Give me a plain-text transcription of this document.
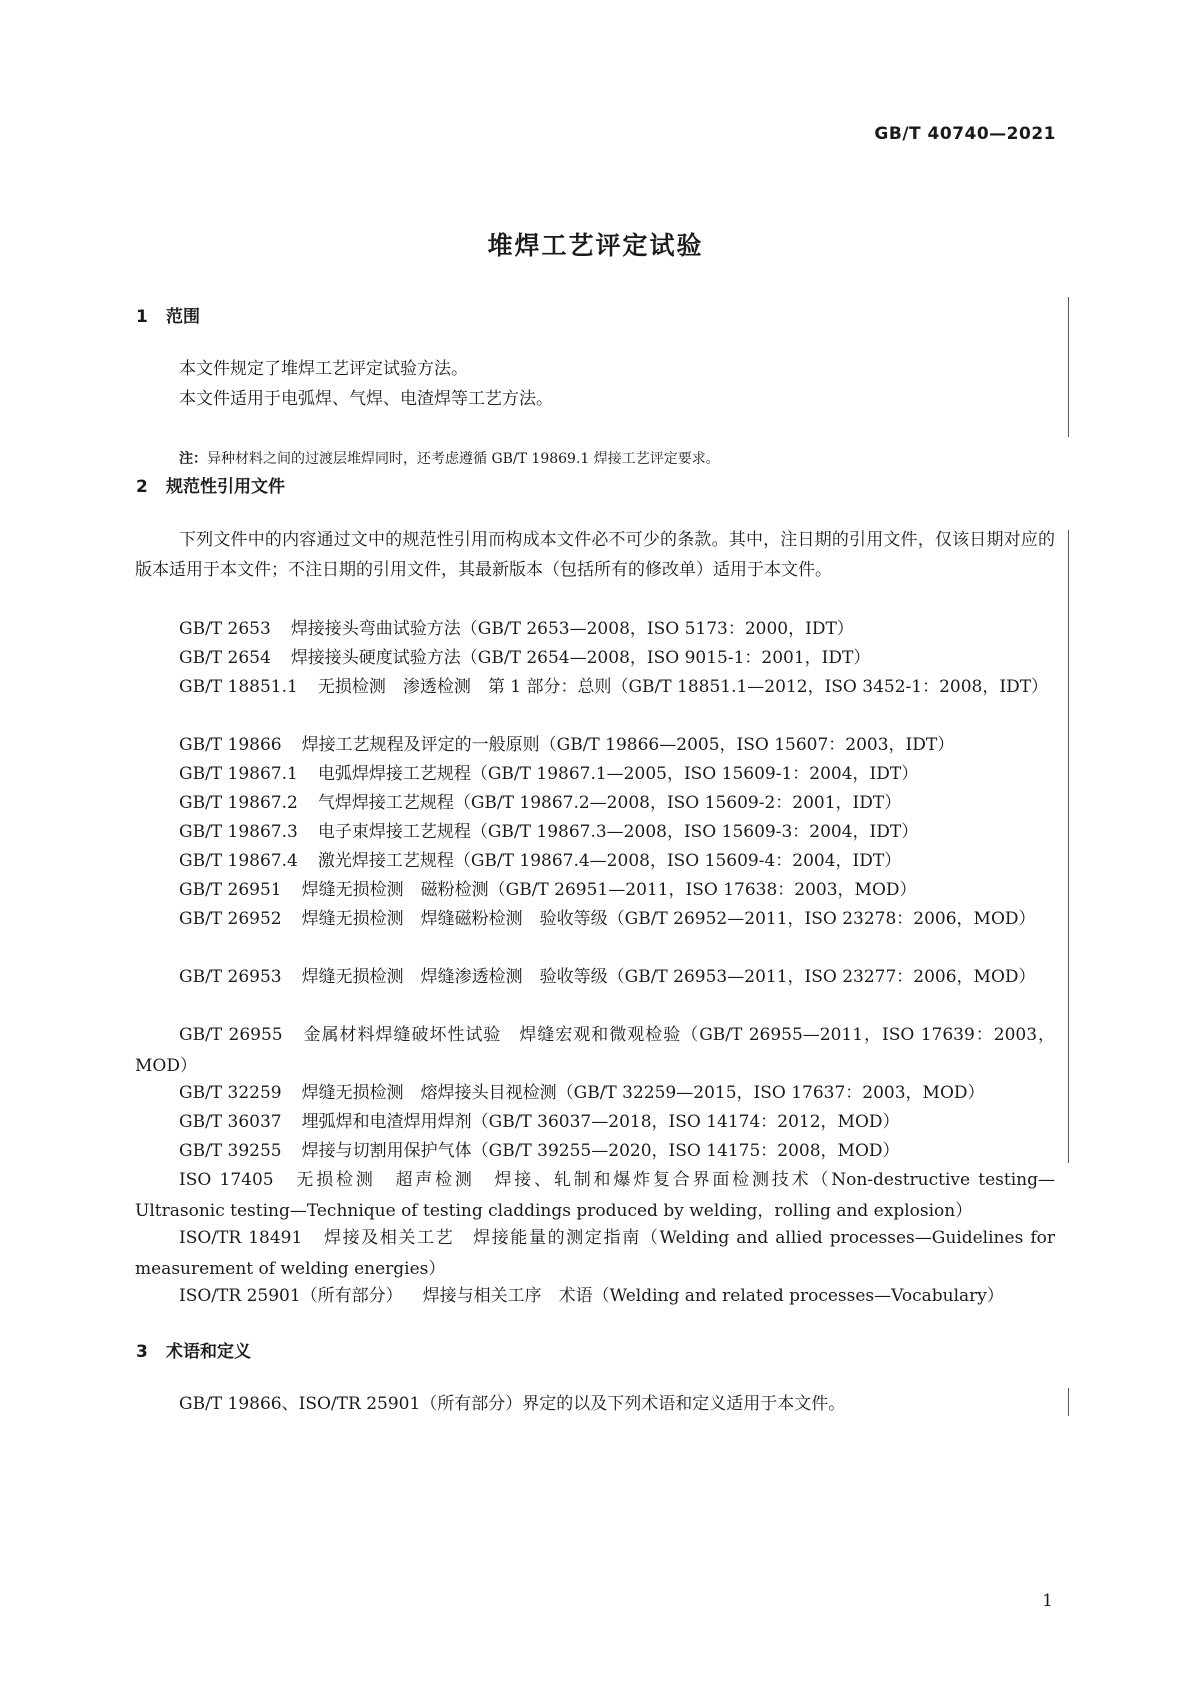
GB/T 40740—2021
堆焊工艺评定试验
1 范围
本文件规定了堆焊工艺评定试验方法。
本文件适用于电弧焊、气焊、电渣焊等工艺方法。
注：异种材料之间的过渡层堆焊同时，还考虑遵循 GB/T 19869.1 焊接工艺评定要求。
2 规范性引用文件
下列文件中的内容通过文中的规范性引用而构成本文件必不可少的条款。其中，注日期的引用文件，仅该日期对应的版本适用于本文件；不注日期的引用文件，其最新版本（包括所有的修改单）适用于本文件。
GB/T 2653 焊接接头弯曲试验方法（GB/T 2653—2008，ISO 5173：2000，IDT）
GB/T 2654 焊接接头硬度试验方法（GB/T 2654—2008，ISO 9015-1：2001，IDT）
GB/T 18851.1 无损检测　渗透检测　第 1 部分：总则（GB/T 18851.1—2012，ISO 3452-1：2008，IDT）
GB/T 19866 焊接工艺规程及评定的一般原则（GB/T 19866—2005，ISO 15607：2003，IDT）
GB/T 19867.1 电弧焊焊接工艺规程（GB/T 19867.1—2005，ISO 15609-1：2004，IDT）
GB/T 19867.2 气焊焊接工艺规程（GB/T 19867.2—2008，ISO 15609-2：2001，IDT）
GB/T 19867.3 电子束焊接工艺规程（GB/T 19867.3—2008，ISO 15609-3：2004，IDT）
GB/T 19867.4 激光焊接工艺规程（GB/T 19867.4—2008，ISO 15609-4：2004，IDT）
GB/T 26951 焊缝无损检测　磁粉检测（GB/T 26951—2011，ISO 17638：2003，MOD）
GB/T 26952 焊缝无损检测　焊缝磁粉检测　验收等级（GB/T 26952—2011，ISO 23278：2006，MOD）
GB/T 26953 焊缝无损检测　焊缝渗透检测　验收等级（GB/T 26953—2011，ISO 23277：2006，MOD）
GB/T 26955 金属材料焊缝破坏性试验　焊缝宏观和微观检验（GB/T 26955—2011，ISO 17639：2003，MOD）
GB/T 32259 焊缝无损检测　熔焊接头目视检测（GB/T 32259—2015，ISO 17637：2003，MOD）
GB/T 36037 埋弧焊和电渣焊用焊剂（GB/T 36037—2018，ISO 14174：2012，MOD）
GB/T 39255 焊接与切割用保护气体（GB/T 39255—2020，ISO 14175：2008，MOD）
ISO 17405 无损检测　超声检测　焊接、轧制和爆炸复合界面检测技术（Non-destructive testing—Ultrasonic testing—Technique of testing claddings produced by welding，rolling and explosion）
ISO/TR 18491 焊接及相关工艺　焊接能量的测定指南（Welding and allied processes—Guidelines for measurement of welding energies）
ISO/TR 25901（所有部分） 焊接与相关工序　术语（Welding and related processes—Vocabulary）
3 术语和定义
GB/T 19866、ISO/TR 25901（所有部分）界定的以及下列术语和定义适用于本文件。
1
